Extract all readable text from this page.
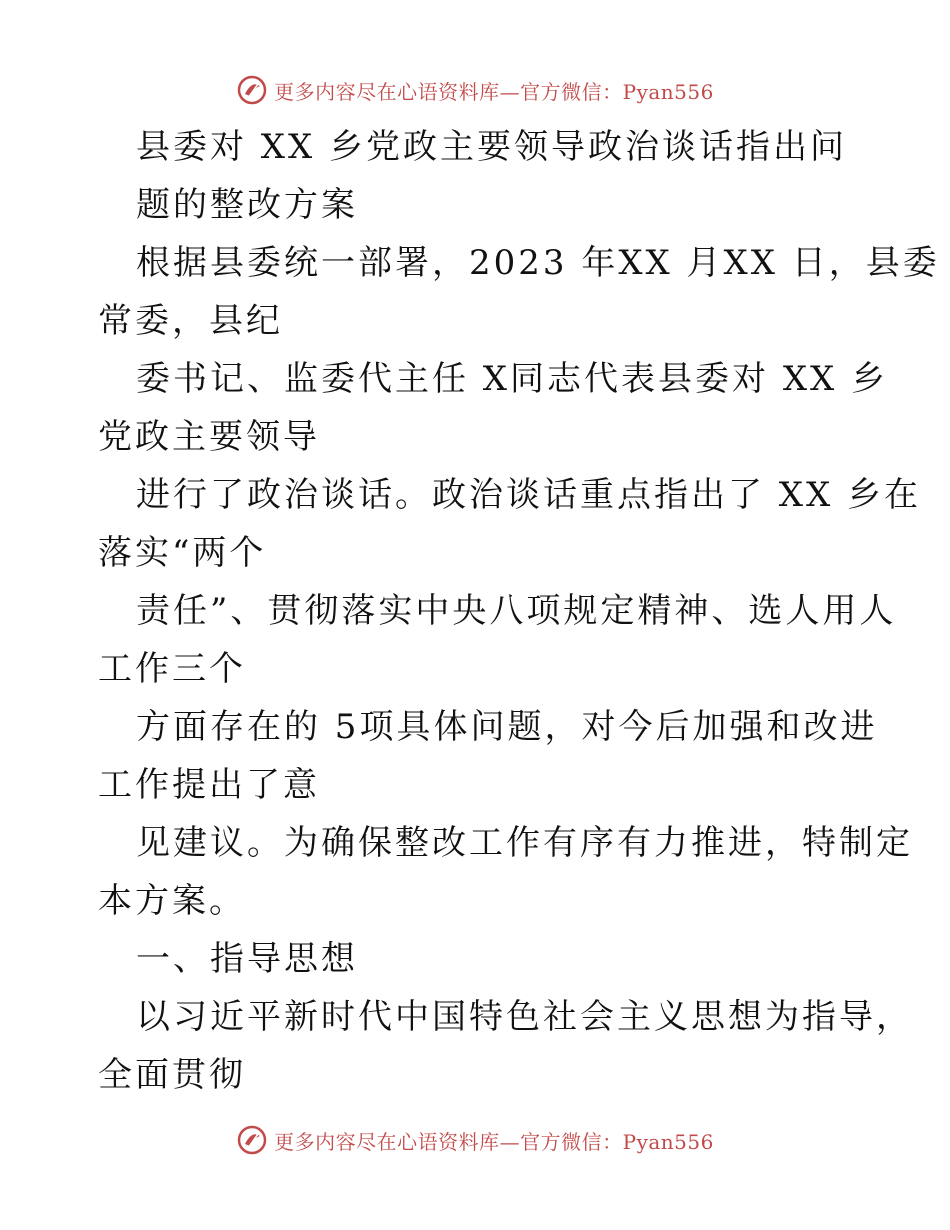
更多内容尽在心语资料库—官方微信：Pyan556
县委对 XX 乡党政主要领导政治谈话指出问
题的整改方案
根据县委统一部署，2023 年XX 月XX 日，县委
常委，县纪
委书记、监委代主任 X同志代表县委对 XX 乡
党政主要领导
进行了政治谈话。政治谈话重点指出了 XX 乡在
落实“两个
责任”、贯彻落实中央八项规定精神、选人用人
工作三个
方面存在的 5项具体问题，对今后加强和改进
工作提出了意
见建议。为确保整改工作有序有力推进，特制定
本方案。
一、指导思想
以习近平新时代中国特色社会主义思想为指导，
全面贯彻
更多内容尽在心语资料库—官方微信：Pyan556
